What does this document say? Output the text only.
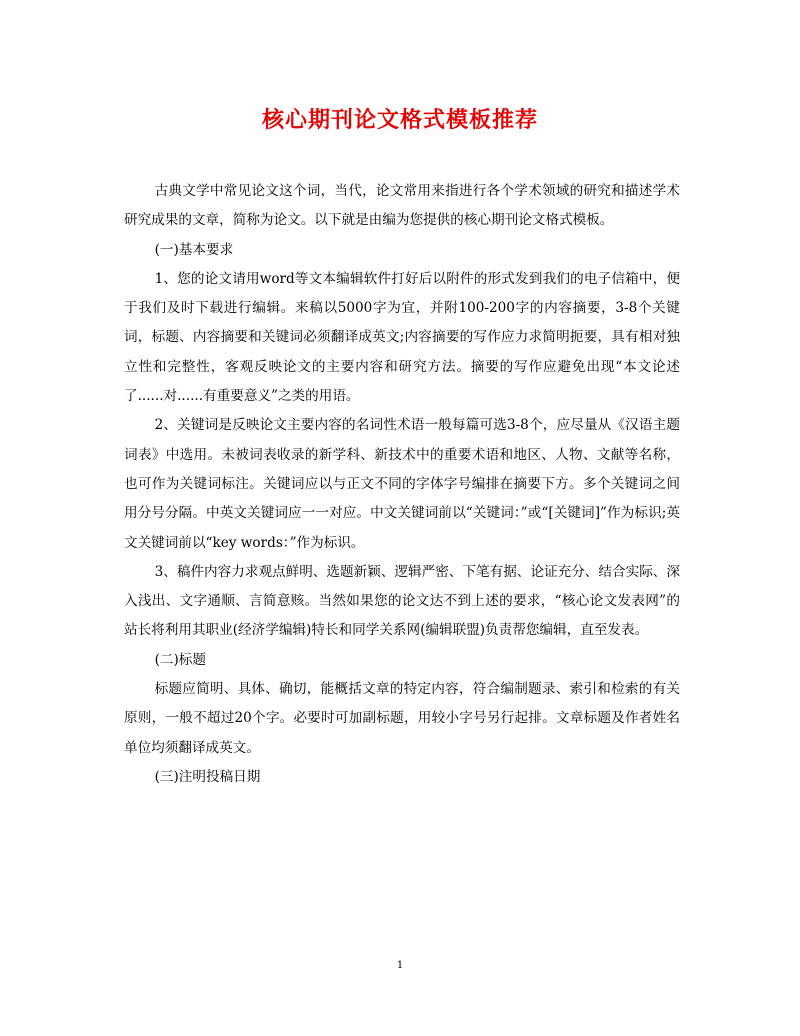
核心期刊论文格式模板推荐

古典文学中常见论文这个词，当代，论文常用来指进行各个学术领域的研究和描述学术研究成果的文章，简称为论文。以下就是由编为您提供的核心期刊论文格式模板。

(一)基本要求

1、您的论文请用word等文本编辑软件打好后以附件的形式发到我们的电子信箱中，便于我们及时下载进行编辑。来稿以5000字为宜，并附100-200字的内容摘要，3-8个关键词，标题、内容摘要和关键词必须翻译成英文;内容摘要的写作应力求简明扼要，具有相对独立性和完整性，客观反映论文的主要内容和研究方法。摘要的写作应避免出现“本文论述了......对......有重要意义”之类的用语。

2、关键词是反映论文主要内容的名词性术语一般每篇可选3-8个，应尽量从《汉语主题词表》中选用。未被词表收录的新学科、新技术中的重要术语和地区、人物、文献等名称，也可作为关键词标注。关键词应以与正文不同的字体字号编排在摘要下方。多个关键词之间用分号分隔。中英文关键词应一一对应。中文关键词前以“关键词：”或“[关键词]”作为标识;英文关键词前以“key words：”作为标识。

3、稿件内容力求观点鲜明、选题新颖、逻辑严密、下笔有据、论证充分、结合实际、深入浅出、文字通顺、言简意赅。当然如果您的论文达不到上述的要求，“核心论文发表网”的站长将利用其职业(经济学编辑)特长和同学关系网(编辑联盟)负责帮您编辑，直至发表。

(二)标题

标题应简明、具体、确切，能概括文章的特定内容，符合编制题录、索引和检索的有关原则，一般不超过20个字。必要时可加副标题，用较小字号另行起排。文章标题及作者姓名单位均须翻译成英文。

(三)注明投稿日期

1
